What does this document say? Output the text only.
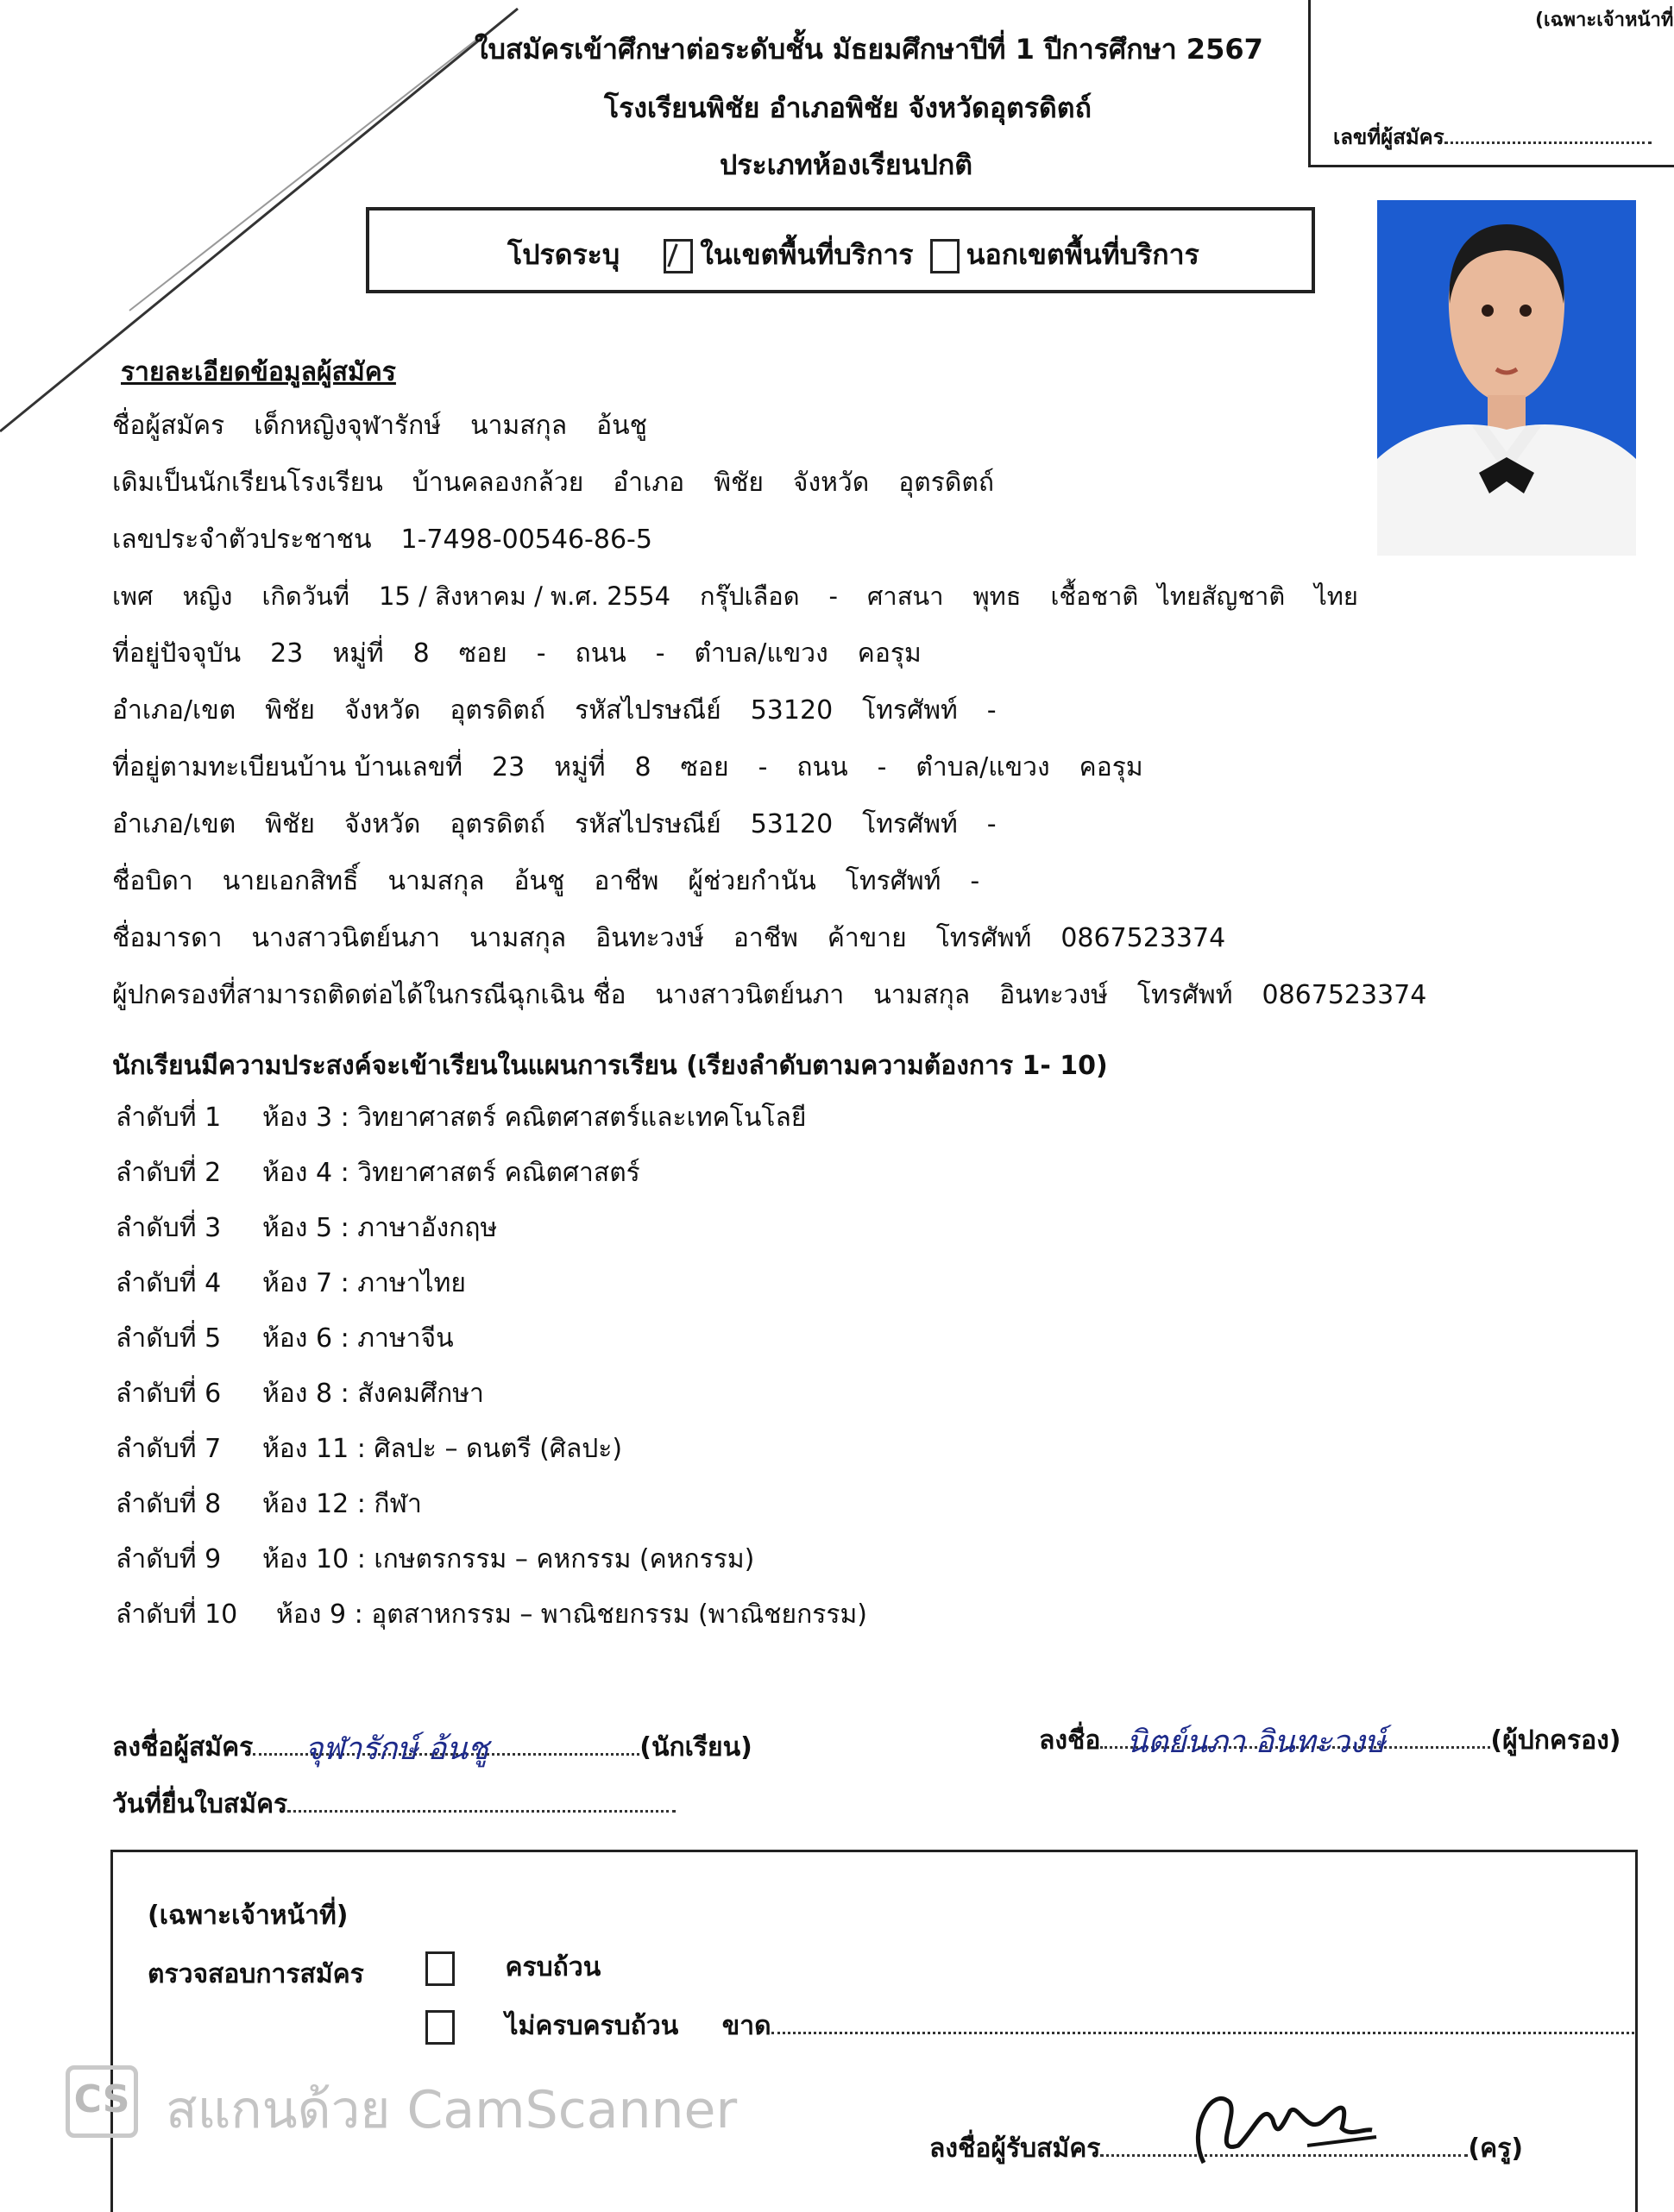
(เฉพาะเจ้าหน้าที่
เลขที่ผู้สมัคร
ใบสมัครเข้าศึกษาต่อระดับชั้น มัธยมศึกษาปีที่ 1 ปีการศึกษา 2567
โรงเรียนพิชัย อำเภอพิชัย จังหวัดอุตรดิตถ์
ประเภทห้องเรียนปกติ
โปรดระบุ	ในเขตพื้นที่บริการ นอกเขตพื้นที่บริการ
รายละเอียดข้อมูลผู้สมัคร
ชื่อผู้สมัคร เด็กหญิงจุฬารักษ์ นามสกุล อ้นชู
เดิมเป็นนักเรียนโรงเรียน บ้านคลองกล้วย อำเภอ พิชัย จังหวัด อุตรดิตถ์
เลขประจำตัวประชาชน 1-7498-00546-86-5
เพศ หญิง เกิดวันที่ 15 / สิงหาคม / พ.ศ. 2554 กรุ๊ปเลือด - ศาสนา พุทธ เชื้อชาติ ไทยสัญชาติ ไทย
ที่อยู่ปัจจุบัน 23 หมู่ที่ 8 ซอย - ถนน - ตำบล/แขวง คอรุม
อำเภอ/เขต พิชัย จังหวัด อุตรดิตถ์ รหัสไปรษณีย์ 53120 โทรศัพท์ -
ที่อยู่ตามทะเบียนบ้าน บ้านเลขที่ 23 หมู่ที่ 8 ซอย - ถนน - ตำบล/แขวง คอรุม
อำเภอ/เขต พิชัย จังหวัด อุตรดิตถ์ รหัสไปรษณีย์ 53120 โทรศัพท์ -
ชื่อบิดา นายเอกสิทธิ์ นามสกุล อ้นชู อาชีพ ผู้ช่วยกำนัน โทรศัพท์ -
ชื่อมารดา นางสาวนิตย์นภา นามสกุล อินทะวงษ์ อาชีพ ค้าขาย โทรศัพท์ 0867523374
ผู้ปกครองที่สามารถติดต่อได้ในกรณีฉุกเฉิน ชื่อ นางสาวนิตย์นภา นามสกุล อินทะวงษ์ โทรศัพท์ 0867523374
นักเรียนมีความประสงค์จะเข้าเรียนในแผนการเรียน (เรียงลำดับตามความต้องการ 1- 10)
ลำดับที่ 1 ห้อง 3 : วิทยาศาสตร์ คณิตศาสตร์และเทคโนโลยี
ลำดับที่ 2 ห้อง 4 : วิทยาศาสตร์ คณิตศาสตร์
ลำดับที่ 3 ห้อง 5 : ภาษาอังกฤษ
ลำดับที่ 4 ห้อง 7 : ภาษาไทย
ลำดับที่ 5 ห้อง 6 : ภาษาจีน
ลำดับที่ 6 ห้อง 8 : สังคมศึกษา
ลำดับที่ 7 ห้อง 11 : ศิลปะ – ดนตรี (ศิลปะ)
ลำดับที่ 8 ห้อง 12 : กีฬา
ลำดับที่ 9 ห้อง 10 : เกษตรกรรม – คหกรรม (คหกรรม)
ลำดับที่ 10 ห้อง 9 : อุตสาหกรรม – พาณิชยกรรม (พาณิชยกรรม)
ลงชื่อผู้สมัคร จุฬารักษ์ อ้นชู	(นักเรียน)	ลงชื่อ นิตย์นภา อินทะวงษ์	(ผู้ปกครอง)
วันที่ยื่นใบสมัคร
(เฉพาะเจ้าหน้าที่)
ตรวจสอบการสมัคร	ครบถ้วน
ไม่ครบครบถ้วน ขาด
ลงชื่อผู้รับสมัคร	(ครู)
CS สแกนด้วย CamScanner
